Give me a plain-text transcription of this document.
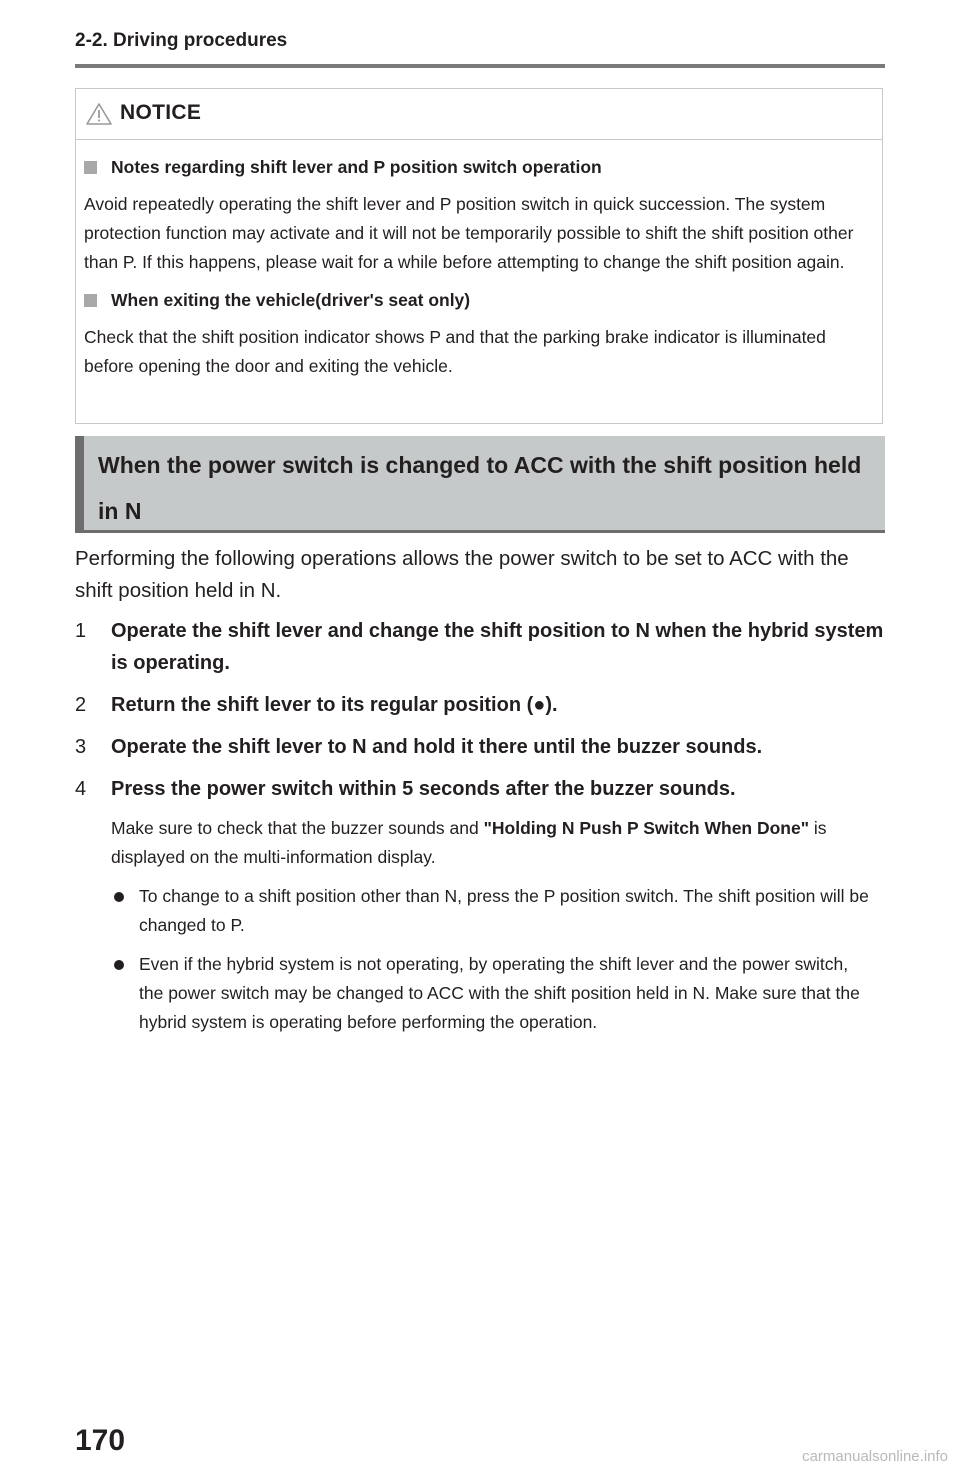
2-2. Driving procedures
NOTICE
Notes regarding shift lever and P position switch operation

Avoid repeatedly operating the shift lever and P position switch in quick succession. The system protection function may activate and it will not be temporarily possible to shift the shift position other than P. If this happens, please wait for a while before attempting to change the shift position again.

When exiting the vehicle(driver's seat only)

Check that the shift position indicator shows P and that the parking brake indicator is illuminated before opening the door and exiting the vehicle.

When the power switch is changed to ACC with the shift position held in N
Performing the following operations allows the power switch to be set to ACC with the shift position held in N.
1	Operate the shift lever and change the shift position to N when the hybrid system is operating.
2	Return the shift lever to its regular position (●).
3	Operate the shift lever to N and hold it there until the buzzer sounds.
4	Press the power switch within 5 seconds after the buzzer sounds.
Make sure to check that the buzzer sounds and "Holding N Push P Switch When Done" is displayed on the multi-information display.
To change to a shift position other than N, press the P position switch. The shift position will be changed to P.
Even if the hybrid system is not operating, by operating the shift lever and the power switch, the power switch may be changed to ACC with the shift position held in N. Make sure that the hybrid system is operating before performing the operation.
170	carmanualsonline.info
